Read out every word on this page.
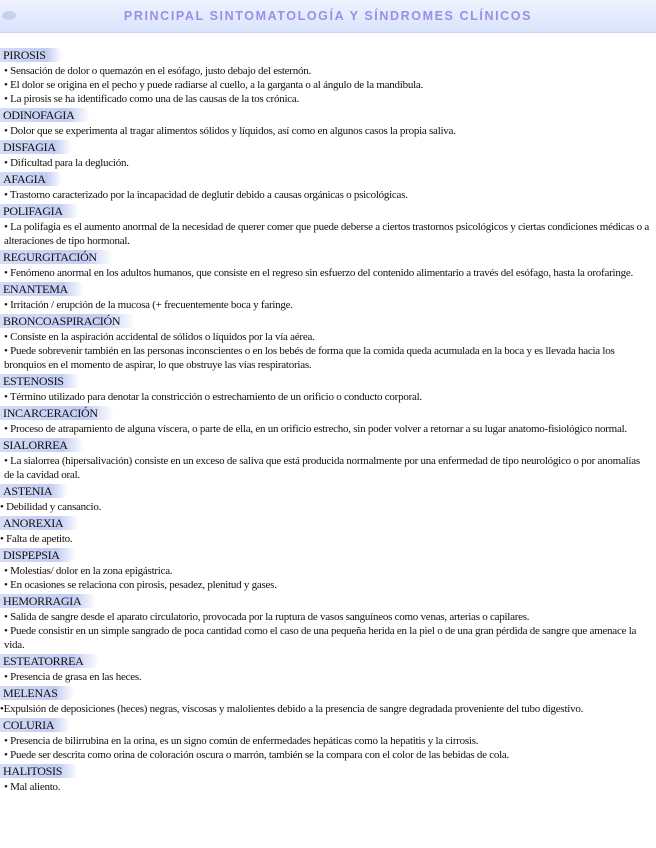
PRINCIPAL SINTOMATOLOGÍA Y SÍNDROMES CLÍNICOS
PIROSIS
• Sensación de dolor o quemazón en el esófago, justo debajo del esternón.
• El dolor se origina en el pecho y puede radiarse al cuello, a la garganta o al ángulo de la mandíbula.
• La pirosis se ha identificado como una de las causas de la tos crónica.
ODINOFAGIA
• Dolor que se experimenta al tragar alimentos sólidos y líquidos, así como en algunos casos la propia saliva.
DISFAGIA
• Dificultad para la deglución.
AFAGIA
• Trastorno caracterizado por la incapacidad de deglutir debido a causas orgánicas o psicológicas.
POLIFAGIA
• La polifagia es el aumento anormal de la necesidad de querer comer que puede deberse a ciertos trastornos psicológicos y ciertas condiciones médicas o a alteraciones de tipo hormonal.
REGURGITACIÓN
• Fenómeno anormal en los adultos humanos, que consiste en el regreso sin esfuerzo del contenido alimentario a través del esófago, hasta la orofaringe.
ENANTEMA
• Irritación / erupción de la mucosa (+ frecuentemente boca y faringe.
BRONCOASPIRACIÓN
• Consiste en la aspiración accidental de sólidos o líquidos por la vía aérea.
• Puede sobrevenir también en las personas inconscientes o en los bebés de forma que la comida queda acumulada en la boca y es llevada hacia los bronquios en el momento de aspirar, lo que obstruye las vías respiratorias.
ESTENOSIS
• Término utilizado para denotar la constricción o estrechamiento de un orificio o conducto corporal.
INCARCERACIÓN
• Proceso de atrapamiento de alguna víscera, o parte de ella, en un orificio estrecho, sin poder volver a retornar a su lugar anatomo-fisiológico normal.
SIALORREA
• La sialorrea (hipersalivación) consiste en un exceso de saliva que está producida normalmente por una enfermedad de tipo neurológico o por anomalías de la cavidad oral.
ASTENIA
• Debilidad y cansancio.
ANOREXIA
• Falta de apetito.
DISPEPSIA
• Molestias/ dolor en la zona epigástrica.
• En ocasiones se relaciona con pirosis, pesadez, plenitud y gases.
HEMORRAGIA
• Salida de sangre desde el aparato circulatorio, provocada por la ruptura de vasos sanguíneos como venas, arterias o capilares.
• Puede consistir en un simple sangrado de poca cantidad como el caso de una pequeña herida en la piel o de una gran pérdida de sangre que amenace la vida.
ESTEATORREA
• Presencia de grasa en las heces.
MELENAS
•Expulsión de deposiciones (heces) negras, viscosas y malolientes debido a la presencia de sangre degradada proveniente del tubo digestivo.
COLURIA
• Presencia de bilirrubina en la orina, es un signo común de enfermedades hepáticas como la hepatitis y la cirrosis.
• Puede ser descrita como orina de coloración oscura o marrón, también se la compara con el color de las bebidas de cola.
HALITOSIS
• Mal aliento.
